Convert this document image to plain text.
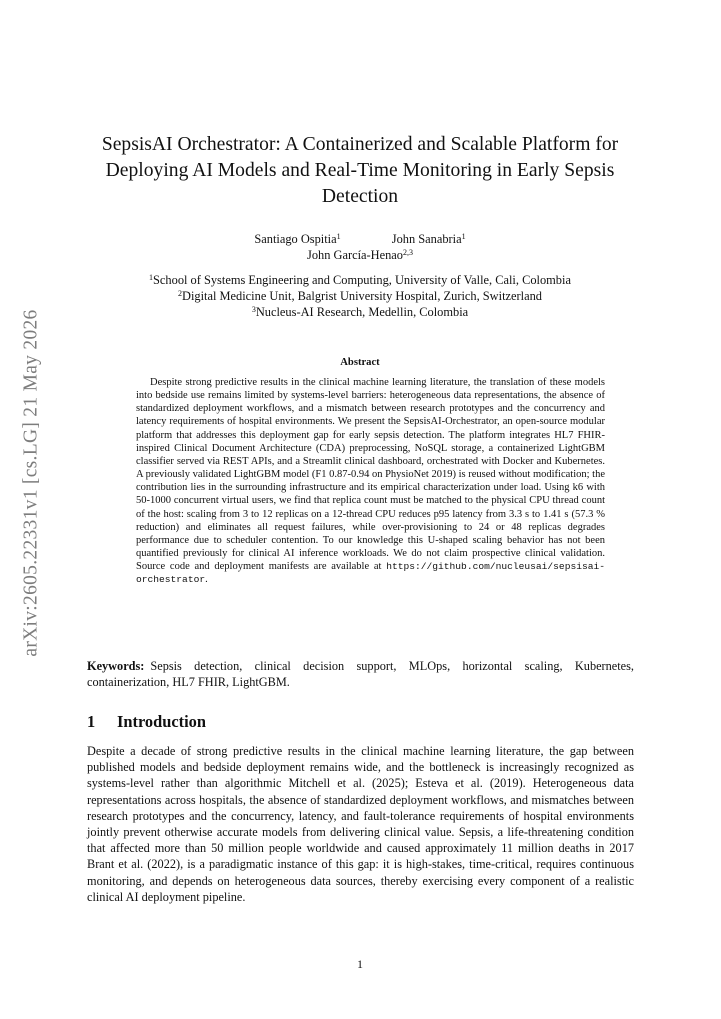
arXiv:2605.22331v1 [cs.LG] 21 May 2026
SepsisAI Orchestrator: A Containerized and Scalable Platform for Deploying AI Models and Real-Time Monitoring in Early Sepsis Detection
Santiago Ospitia$^1$	John Sanabria$^1$
John García-Henao$^{2,3}$
$^1$School of Systems Engineering and Computing, University of Valle, Cali, Colombia
$^2$Digital Medicine Unit, Balgrist University Hospital, Zurich, Switzerland
$^3$Nucleus-AI Research, Medellin, Colombia
Abstract
Despite strong predictive results in the clinical machine learning literature, the translation of these models into bedside use remains limited by systems-level barriers: heterogeneous data representations, the absence of standardized deployment workflows, and a mismatch between research prototypes and the concurrency and latency requirements of hospital environments. We present the SepsisAI-Orchestrator, an open-source modular platform that addresses this deployment gap for early sepsis detection. The platform integrates HL7 FHIR-inspired Clinical Document Architecture (CDA) preprocessing, NoSQL storage, a containerized LightGBM classifier served via REST APIs, and a Streamlit clinical dashboard, orchestrated with Docker and Kubernetes. A previously validated LightGBM model (F1 0.87-0.94 on PhysioNet 2019) is reused without modification; the contribution lies in the surrounding infrastructure and its empirical characterization under load. Using k6 with 50-1000 concurrent virtual users, we find that replica count must be matched to the physical CPU thread count of the host: scaling from 3 to 12 replicas on a 12-thread CPU reduces p95 latency from 3.3 s to 1.41 s (57.3 % reduction) and eliminates all request failures, while over-provisioning to 24 or 48 replicas degrades performance due to scheduler contention. To our knowledge this U-shaped scaling behavior has not been quantified previously for clinical AI inference workloads. We do not claim prospective clinical validation. Source code and deployment manifests are available at https://github.com/nucleusai/sepsisai-orchestrator.
Keywords: Sepsis detection, clinical decision support, MLOps, horizontal scaling, Kubernetes, containerization, HL7 FHIR, LightGBM.
1 Introduction
Despite a decade of strong predictive results in the clinical machine learning literature, the gap between published models and bedside deployment remains wide, and the bottleneck is increasingly recognized as systems-level rather than algorithmic Mitchell et al. (2025); Esteva et al. (2019). Heterogeneous data representations across hospitals, the absence of standardized deployment workflows, and mismatches between research prototypes and the concurrency, latency, and fault-tolerance requirements of hospital environments jointly prevent otherwise accurate models from delivering clinical value. Sepsis, a life-threatening condition that affected more than 50 million people worldwide and caused approximately 11 million deaths in 2017 Brant et al. (2022), is a paradigmatic instance of this gap: it is high-stakes, time-critical, requires continuous monitoring, and depends on heterogeneous data sources, thereby exercising every component of a realistic clinical AI deployment pipeline.
1
